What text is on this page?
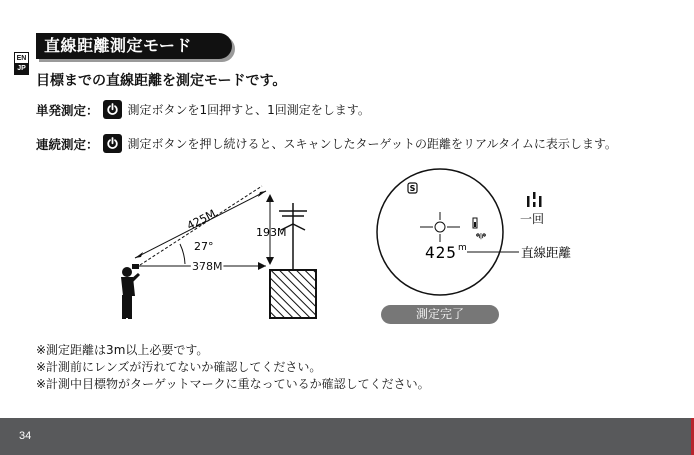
EN
JP
直線距離測定モード
目標までの直線距離を測定モードです。
単発測定： 測定ボタンを1回押すと、1回測定をします。
連続測定： 測定ボタンを押し続けると、スキャンしたターゲットの距離をリアルタイムに表示します。
425M
27°
378M
193M
S
ᖗ|ᖘ
425 m
一回
直線距離
測定完了
※測定距離は3m以上必要です。
※計測前にレンズが汚れてないか確認してください。
※計測中目標物がターゲットマークに重なっているか確認してください。
34
